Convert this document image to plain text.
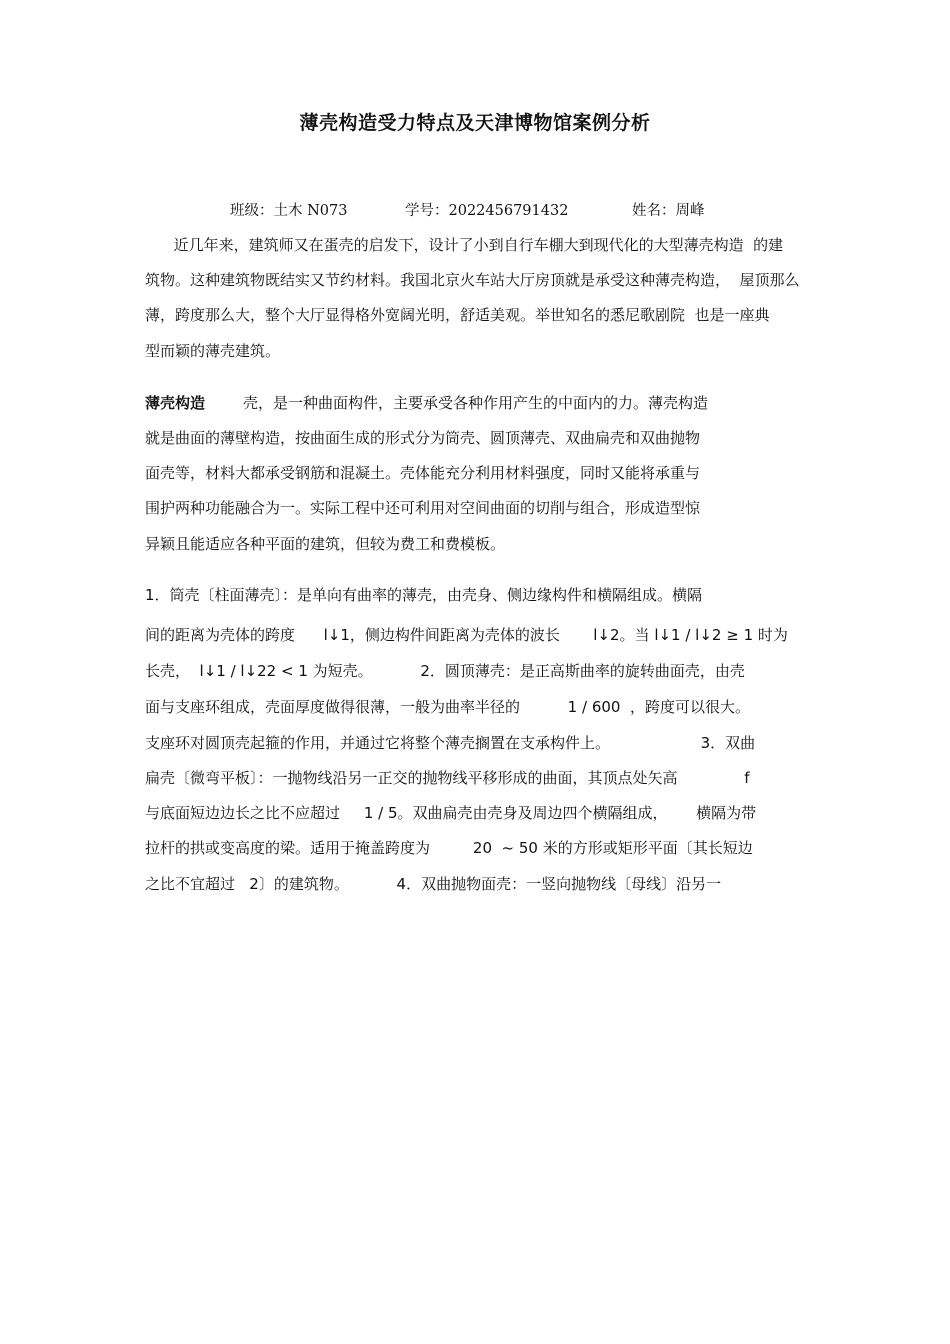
薄壳构造受力特点及天津博物馆案例分析
班级：土木 N073	学号：2022456791432	姓名：周峰
近几年来，建筑师又在蛋壳的启发下，设计了小到自行车棚大到现代化的大型薄壳构造  的建
筑物。这种建筑物既结实又节约材料。我国北京火车站大厅房顶就是承受这种薄壳构造，  屋顶那么
薄，跨度那么大，整个大厅显得格外宽阔光明，舒适美观。举世知名的悉尼歌剧院  也是一座典
型而颖的薄壳建筑。
薄壳构造	壳，是一种曲面构件，主要承受各种作用产生的中面内的力。薄壳构造
就是曲面的薄壁构造，按曲面生成的形式分为筒壳、圆顶薄壳、双曲扁壳和双曲抛物
面壳等，材料大都承受钢筋和混凝土。壳体能充分利用材料强度，同时又能将承重与
围护两种功能融合为一。实际工程中还可利用对空间曲面的切削与组合，形成造型惊
异颖且能适应各种平面的建筑，但较为费工和费模板。
1．筒壳〔柱面薄壳〕：是单向有曲率的薄壳，由壳身、侧边缘构件和横隔组成。横隔
间的距离为壳体的跨度      l↓1，侧边构件间距离为壳体的波长       l↓2。当 l↓1 / l↓2 ≥ 1 时为
长壳，  l↓1 / l↓22 < 1 为短壳。          2．圆顶薄壳：是正高斯曲率的旋转曲面壳，由壳
面与支座环组成，壳面厚度做得很薄，一般为曲率半径的          1 / 600  ，跨度可以很大。
支座环对圆顶壳起箍的作用，并通过它将整个薄壳搁置在支承构件上。                   3．双曲
扁壳〔微弯平板〕：一抛物线沿另一正交的抛物线平移形成的曲面，其顶点处矢高              f
与底面短边边长之比不应超过     1 / 5。双曲扁壳由壳身及周边四个横隔组成，      横隔为带
拉杆的拱或变高度的梁。适用于掩盖跨度为         20  ~ 50 米的方形或矩形平面〔其长短边
之比不宜超过   2〕的建筑物。          4．双曲抛物面壳：一竖向抛物线〔母线〕沿另一
